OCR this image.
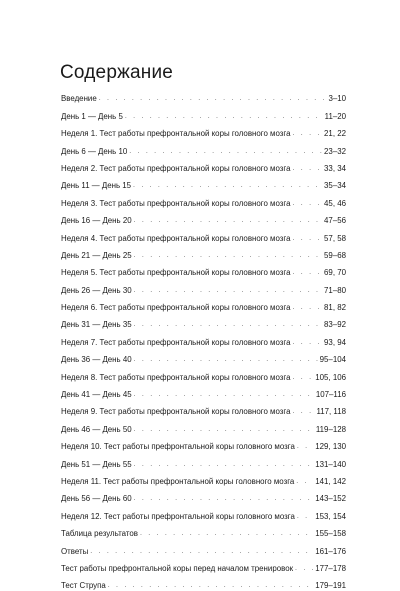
Содержание
Введение . . .	3–10
День 1 — День 5 . . .	11–20
Неделя 1. Тест работы префронтальной коры головного мозга . . .	21, 22
День 6 — День 10 . . .	23–32
Неделя 2. Тест работы префронтальной коры головного мозга . . .	33, 34
День 11 — День 15 . . .	35–34
Неделя 3. Тест работы префронтальной коры головного мозга . . .	45, 46
День 16 — День 20 . . .	47–56
Неделя 4. Тест работы префронтальной коры головного мозга . . .	57, 58
День 21 — День 25 . . .	59–68
Неделя 5. Тест работы префронтальной коры головного мозга . . .	69, 70
День 26 — День 30 . . .	71–80
Неделя 6. Тест работы префронтальной коры головного мозга . . .	81, 82
День 31 — День 35 . . .	83–92
Неделя 7. Тест работы префронтальной коры головного мозга . . .	93, 94
День 36 — День 40 . . .	95–104
Неделя 8. Тест работы префронтальной коры головного мозга . . .	105, 106
День 41 — День 45 . . .	107–116
Неделя 9. Тест работы префронтальной коры головного мозга . . .	117, 118
День 46 — День 50 . . .	119–128
Неделя 10. Тест работы префронтальной коры головного мозга . . .	129, 130
День 51 — День 55 . . .	131–140
Неделя 11. Тест работы префронтальной коры головного мозга . . .	141, 142
День 56 — День 60 . . .	143–152
Неделя 12. Тест работы префронтальной коры головного мозга . . .	153, 154
Таблица результатов . . .	155–158
Ответы . . .	161–176
Тест работы префронтальной коры перед началом тренировок . . .	177–178
Тест Струпа . . .	179–191
